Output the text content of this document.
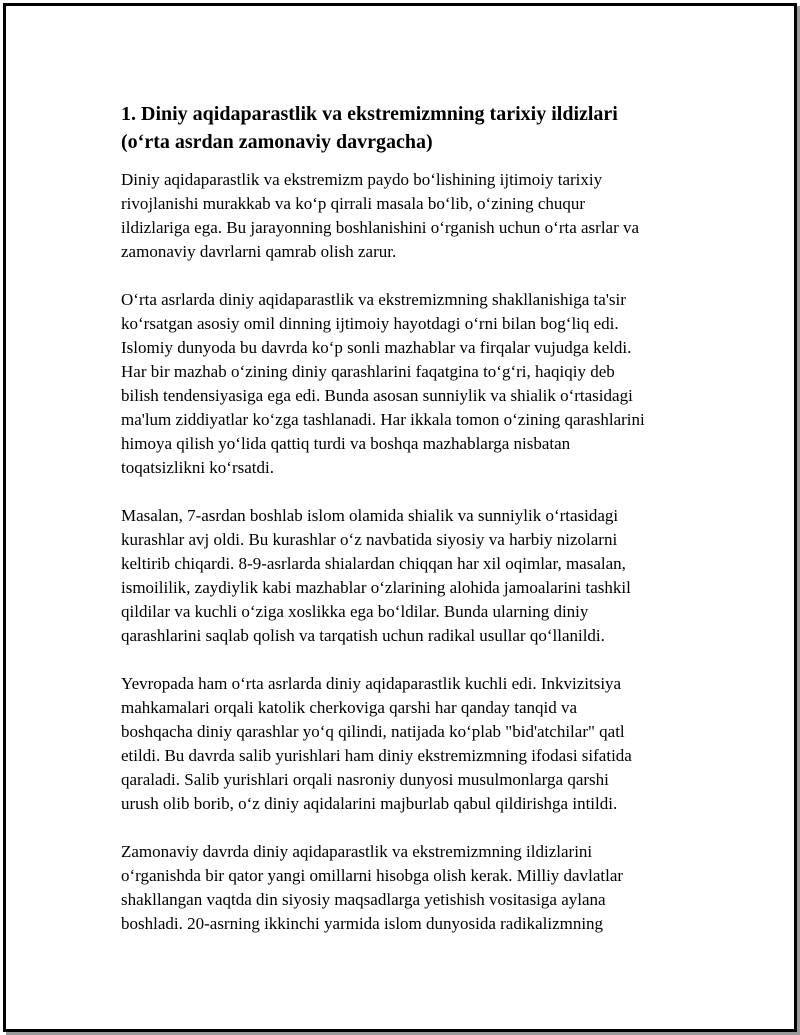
1. Diniy aqidaparastlik va ekstremizmning tarixiy ildizlari
(oʻrta asrdan zamonaviy davrgacha)

Diniy aqidaparastlik va ekstremizm paydo boʻlishining ijtimoiy tarixiy
rivojlanishi murakkab va koʻp qirrali masala boʻlib, oʻzining chuqur
ildizlariga ega. Bu jarayonning boshlanishini oʻrganish uchun oʻrta asrlar va
zamonaviy davrlarni qamrab olish zarur.

Oʻrta asrlarda diniy aqidaparastlik va ekstremizmning shakllanishiga ta'sir
koʻrsatgan asosiy omil dinning ijtimoiy hayotdagi oʻrni bilan bogʻliq edi.
Islomiy dunyoda bu davrda koʻp sonli mazhablar va firqalar vujudga keldi.
Har bir mazhab oʻzining diniy qarashlarini faqatgina toʻgʻri, haqiqiy deb
bilish tendensiyasiga ega edi. Bunda asosan sunniylik va shialik oʻrtasidagi
ma'lum ziddiyatlar koʻzga tashlanadi. Har ikkala tomon oʻzining qarashlarini
himoya qilish yoʻlida qattiq turdi va boshqa mazhablarga nisbatan
toqatsizlikni koʻrsatdi.

Masalan, 7-asrdan boshlab islom olamida shialik va sunniylik oʻrtasidagi
kurashlar avj oldi. Bu kurashlar oʻz navbatida siyosiy va harbiy nizolarni
keltirib chiqardi. 8-9-asrlarda shialardan chiqqan har xil oqimlar, masalan,
ismoililik, zaydiylik kabi mazhablar oʻzlarining alohida jamoalarini tashkil
qildilar va kuchli oʻziga xoslikka ega boʻldilar. Bunda ularning diniy
qarashlarini saqlab qolish va tarqatish uchun radikal usullar qoʻllanildi.

Yevropada ham oʻrta asrlarda diniy aqidaparastlik kuchli edi. Inkvizitsiya
mahkamalari orqali katolik cherkoviga qarshi har qanday tanqid va
boshqacha diniy qarashlar yoʻq qilindi, natijada koʻplab "bid'atchilar" qatl
etildi. Bu davrda salib yurishlari ham diniy ekstremizmning ifodasi sifatida
qaraladi. Salib yurishlari orqali nasroniy dunyosi musulmonlarga qarshi
urush olib borib, oʻz diniy aqidalarini majburlab qabul qildirishga intildi.

Zamonaviy davrda diniy aqidaparastlik va ekstremizmning ildizlarini
oʻrganishda bir qator yangi omillarni hisobga olish kerak. Milliy davlatlar
shakllangan vaqtda din siyosiy maqsadlarga yetishish vositasiga aylana
boshladi. 20-asrning ikkinchi yarmida islom dunyosida radikalizmning
